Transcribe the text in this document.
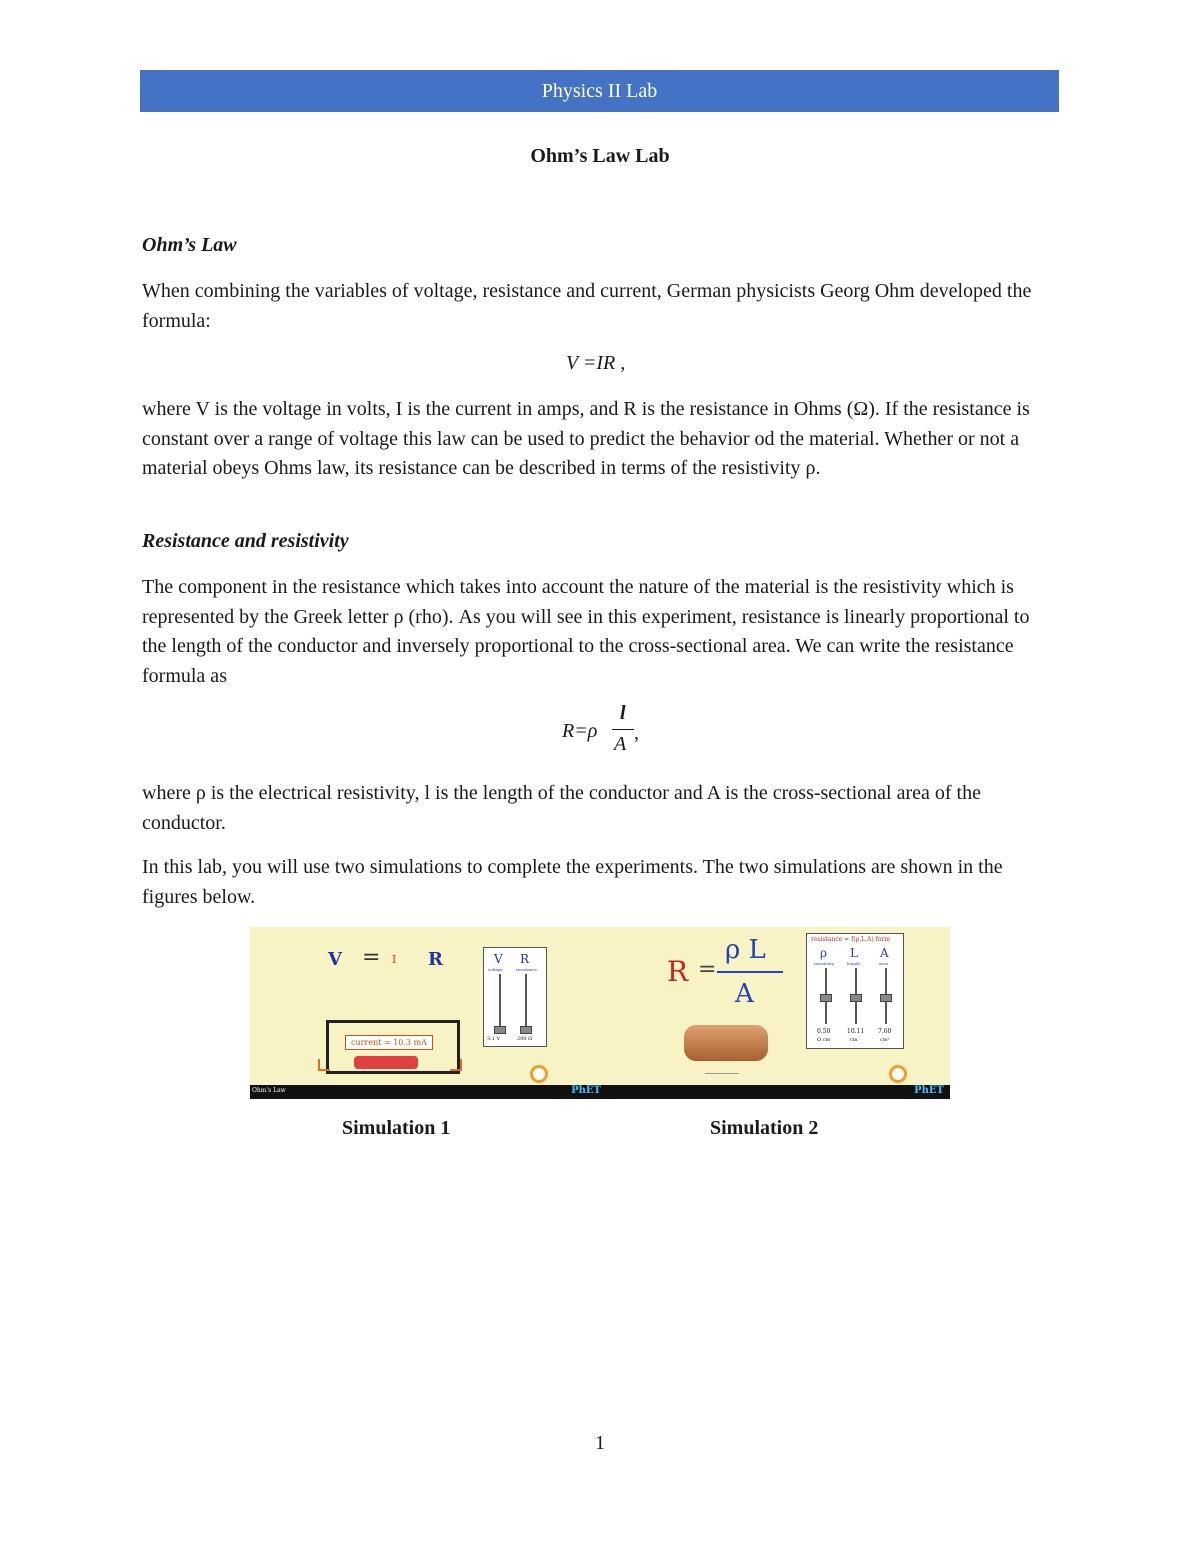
Physics II Lab
Ohm’s Law Lab
Ohm’s Law
When combining the variables of voltage, resistance and current, German physicists Georg Ohm developed the formula:
V =IR ,
where V is the voltage in volts, I is the current in amps, and R is the resistance in Ohms (Ω). If the resistance is constant over a range of voltage this law can be used to predict the behavior od the material. Whether or not a material obeys Ohms law, its resistance can be described in terms of the resistivity ρ.
Resistance and resistivity
The component in the resistance which takes into account the nature of the material is the resistivity which is represented by the Greek letter ρ (rho). As you will see in this experiment, resistance is linearly proportional to the length of the conductor and inversely proportional to the cross-sectional area. We can write the resistance formula as
R=ρ
l
A ,
where ρ is the electrical resistivity, l is the length of the conductor and A is the cross-sectional area of the conductor.
In this lab, you will use two simulations to complete the experiments. The two simulations are shown in the figures below.
V = I R	V R
voltage	resistance
3.1 V	290 Ω
current = 10.3 mA
Ohm's Law	PhET
R =
ρ L
A
resistance = f(ρ,L,A) form
ρ L A
resistivity	length	area
0.50	10.11 7.60
Ω cm	cm	cm²
PhET
Simulation 1	Simulation 2
1
